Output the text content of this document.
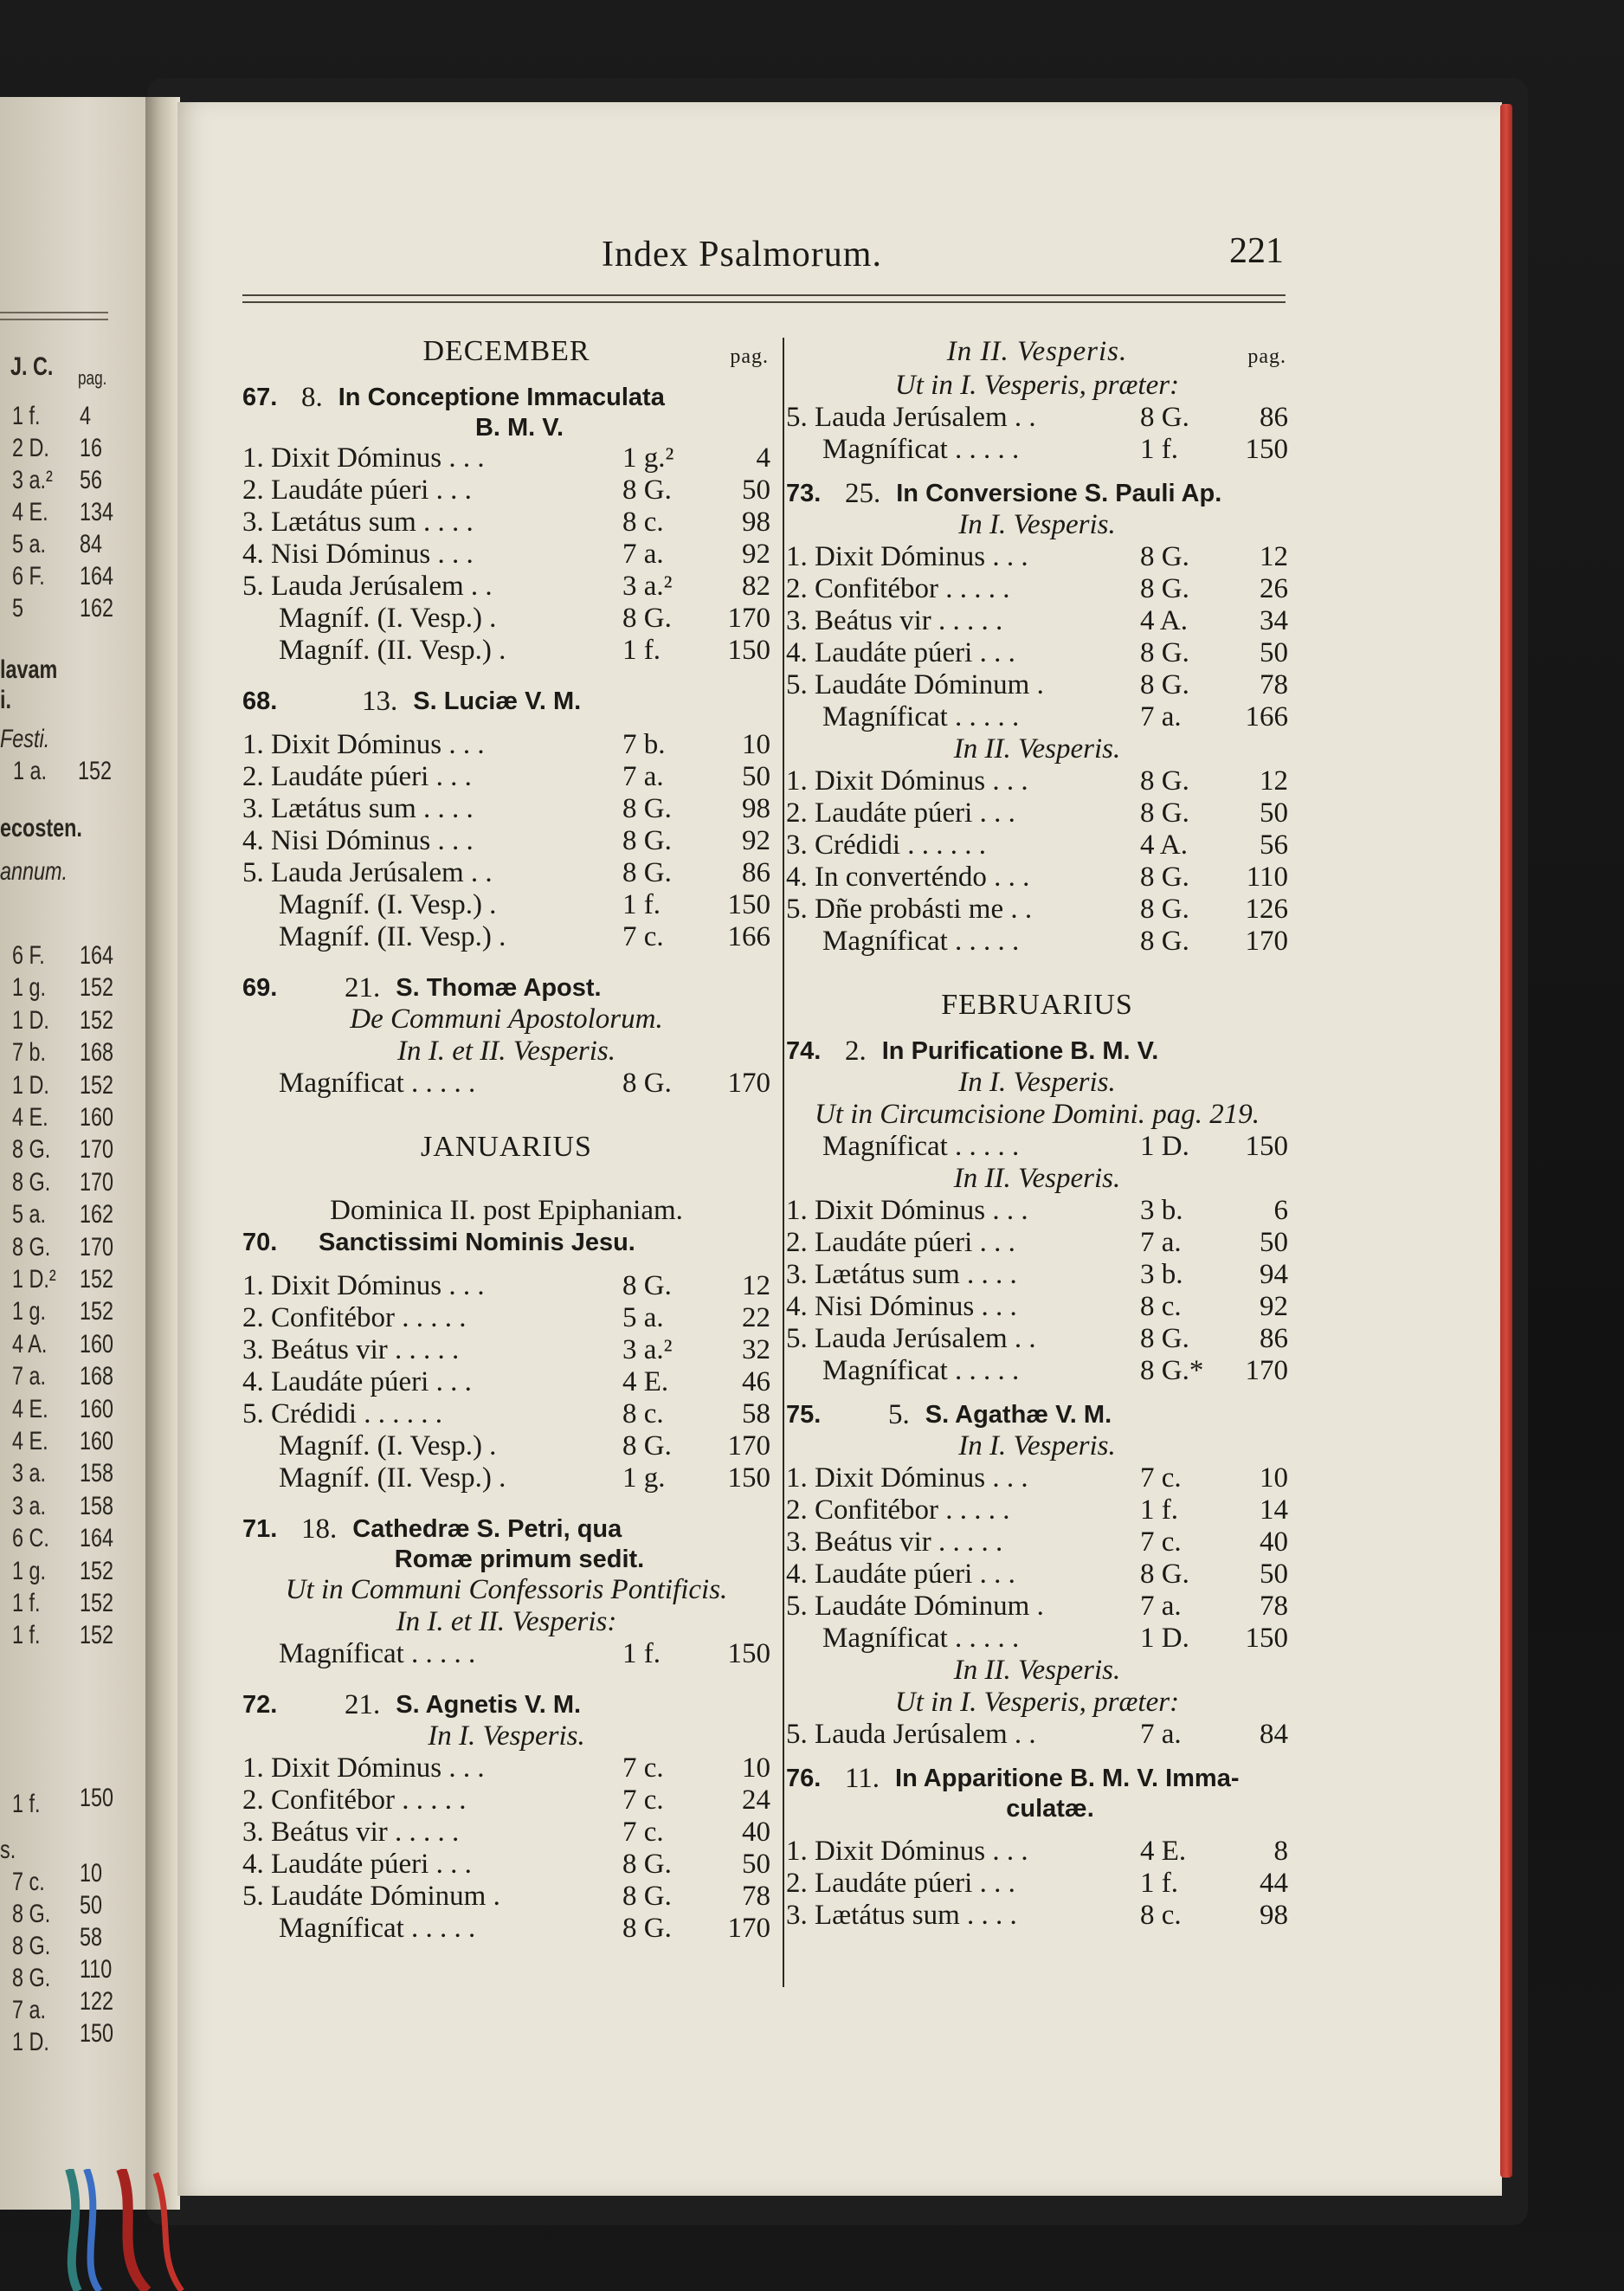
J. C. pag.
1 f. 4
2 D. 16
3 a.² 56
4 E. 134
5 a. 84
6 F. 164
5 162
lavam
i.
Festi.
1 a. 152
ecosten.
annum.
6 F. 164
1 g. 152
1 D. 152
7 b. 168
1 D. 152
4 E. 160
8 G. 170
8 G. 170
5 a. 162
8 G. 170
1 D.² 152
1 g. 152
4 A. 160
7 a. 168
4 E. 160
4 E. 160
3 a. 158
3 a. 158
6 C. 164
1 g. 152
1 f. 152
1 f. 152
1 f. 150
s.
7 c. 10
8 G. 50
8 G. 58
8 G. 110
7 a. 122
1 D. 150
Index Psalmorum.	221
DECEMBER	pag.
67. 8. In Conceptione Immaculata
B. M. V.
1. Dixit Dóminus . . .	1 g.²	4
2. Laudáte púeri . . .	8 G.	50
3. Lætátus sum . . . .	8 c.	98
4. Nisi Dóminus . . .	7 a.	92
5. Lauda Jerúsalem . .	3 a.²	82
Magníf. (I. Vesp.) .	8 G.	170
Magníf. (II. Vesp.) .	1 f.	150
68.	13. S. Luciæ V. M.
1. Dixit Dóminus . . .	7 b.	10
2. Laudáte púeri . . .	7 a.	50
3. Lætátus sum . . . .	8 G.	98
4. Nisi Dóminus . . .	8 G.	92
5. Lauda Jerúsalem . .	8 G.	86
Magníf. (I. Vesp.) .	1 f.	150
Magníf. (II. Vesp.) .	7 c.	166
69.	21. S. Thomæ Apost.
De Communi Apostolorum.
In I. et II. Vesperis.
Magníficat . . . . .	8 G.	170
JANUARIUS
Dominica II. post Epiphaniam.
70.	Sanctissimi Nominis Jesu.
1. Dixit Dóminus . . .	8 G.	12
2. Confitébor . . . . .	5 a.	22
3. Beátus vir . . . . .	3 a.²	32
4. Laudáte púeri . . .	4 E.	46
5. Crédidi . . . . . .	8 c.	58
Magníf. (I. Vesp.) .	8 G.	170
Magníf. (II. Vesp.) .	1 g.	150
71. 18. Cathedræ S. Petri, qua
Romæ primum sedit.
Ut in Communi Confessoris Pontificis.
In I. et II. Vesperis:
Magníficat . . . . .	1 f.	150
72.	21. S. Agnetis V. M.
In I. Vesperis.
1. Dixit Dóminus . . .	7 c.	10
2. Confitébor . . . . .	7 c.	24
3. Beátus vir . . . . .	7 c.	40
4. Laudáte púeri . . .	8 G.	50
5. Laudáte Dóminum .	8 G.	78
Magníficat . . . . .	8 G.	170
In II. Vesperis.	pag.
Ut in I. Vesperis, præter:
5. Lauda Jerúsalem . .	8 G.	86
Magníficat . . . . .	1 f.	150
73. 25. In Conversione S. Pauli Ap.
In I. Vesperis.
1. Dixit Dóminus . . .	8 G.	12
2. Confitébor . . . . .	8 G.	26
3. Beátus vir . . . . .	4 A.	34
4. Laudáte púeri . . .	8 G.	50
5. Laudáte Dóminum .	8 G.	78
Magníficat . . . . .	7 a.	166
In II. Vesperis.
1. Dixit Dóminus . . .	8 G.	12
2. Laudáte púeri . . .	8 G.	50
3. Crédidi . . . . . .	4 A.	56
4. In converténdo . . .	8 G.	110
5. Dñe probásti me . .	8 G.	126
Magníficat . . . . .	8 G.	170
FEBRUARIUS
74. 2. In Purificatione B. M. V.
In I. Vesperis.
Ut in Circumcisione Domini. pag. 219.
Magníficat . . . . .	1 D.	150
In II. Vesperis.
1. Dixit Dóminus . . .	3 b.	6
2. Laudáte púeri . . .	7 a.	50
3. Lætátus sum . . . .	3 b.	94
4. Nisi Dóminus . . .	8 c.	92
5. Lauda Jerúsalem . .	8 G.	86
Magníficat . . . . .	8 G.*	170
75.	5. S. Agathæ V. M.
In I. Vesperis.
1. Dixit Dóminus . . .	7 c.	10
2. Confitébor . . . . .	1 f.	14
3. Beátus vir . . . . .	7 c.	40
4. Laudáte púeri . . .	8 G.	50
5. Laudáte Dóminum .	7 a.	78
Magníficat . . . . .	1 D.	150
In II. Vesperis.
Ut in I. Vesperis, præter:
5. Lauda Jerúsalem . .	7 a.	84
76. 11. In Apparitione B. M. V. Imma-
culatæ.
1. Dixit Dóminus . . .	4 E.	8
2. Laudáte púeri . . .	1 f.	44
3. Lætátus sum . . . .	8 c.	98
